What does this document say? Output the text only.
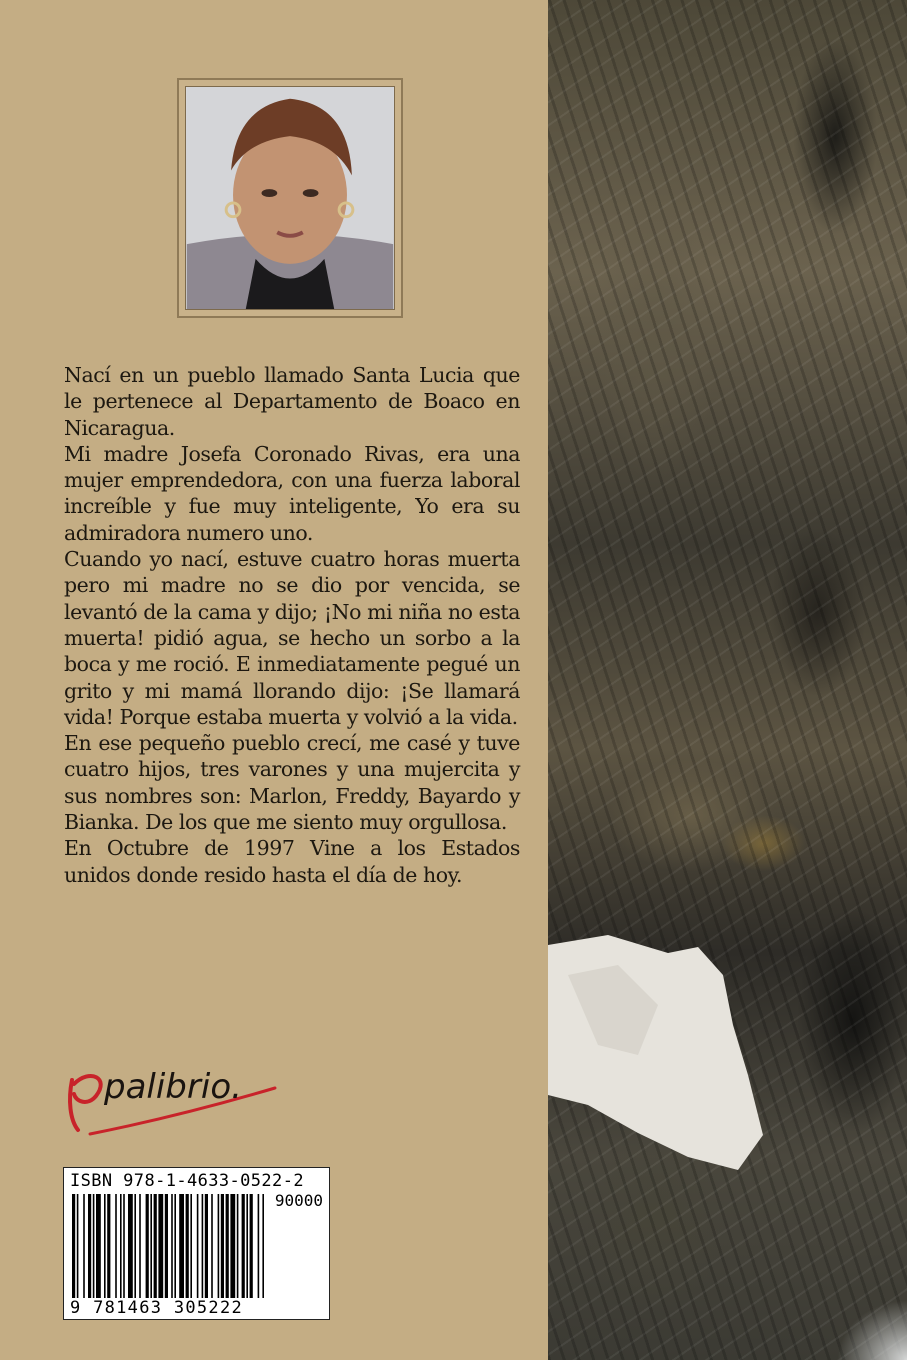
Nací en un pueblo llamado Santa Lucia que le pertenece al Departamento de Boaco en Nicaragua.

Mi madre Josefa Coronado Rivas, era una mujer emprendedora, con una fuerza laboral increíble y fue muy inteligente, Yo era su admiradora numero uno.

Cuando yo nací, estuve cuatro horas muerta pero mi madre no se dio por vencida, se levantó de la cama y dijo; ¡No mi niña no esta muerta! pidió agua, se hecho un sorbo a la boca y me roció. E inmediatamente pegué un grito y mi mamá llorando dijo: ¡Se llamará vida! Porque estaba muerta y volvió a la vida.

En ese pequeño pueblo crecí, me casé y tuve cuatro hijos, tres varones y una mujercita y sus nombres son: Marlon, Freddy, Bayardo y Bianka. De los que me siento muy orgullosa.

En Octubre de 1997 Vine a los Estados unidos donde resido hasta el día de hoy.

palibrio.
ISBN 978-1-4633-0522-2
90000
9 781463 305222
